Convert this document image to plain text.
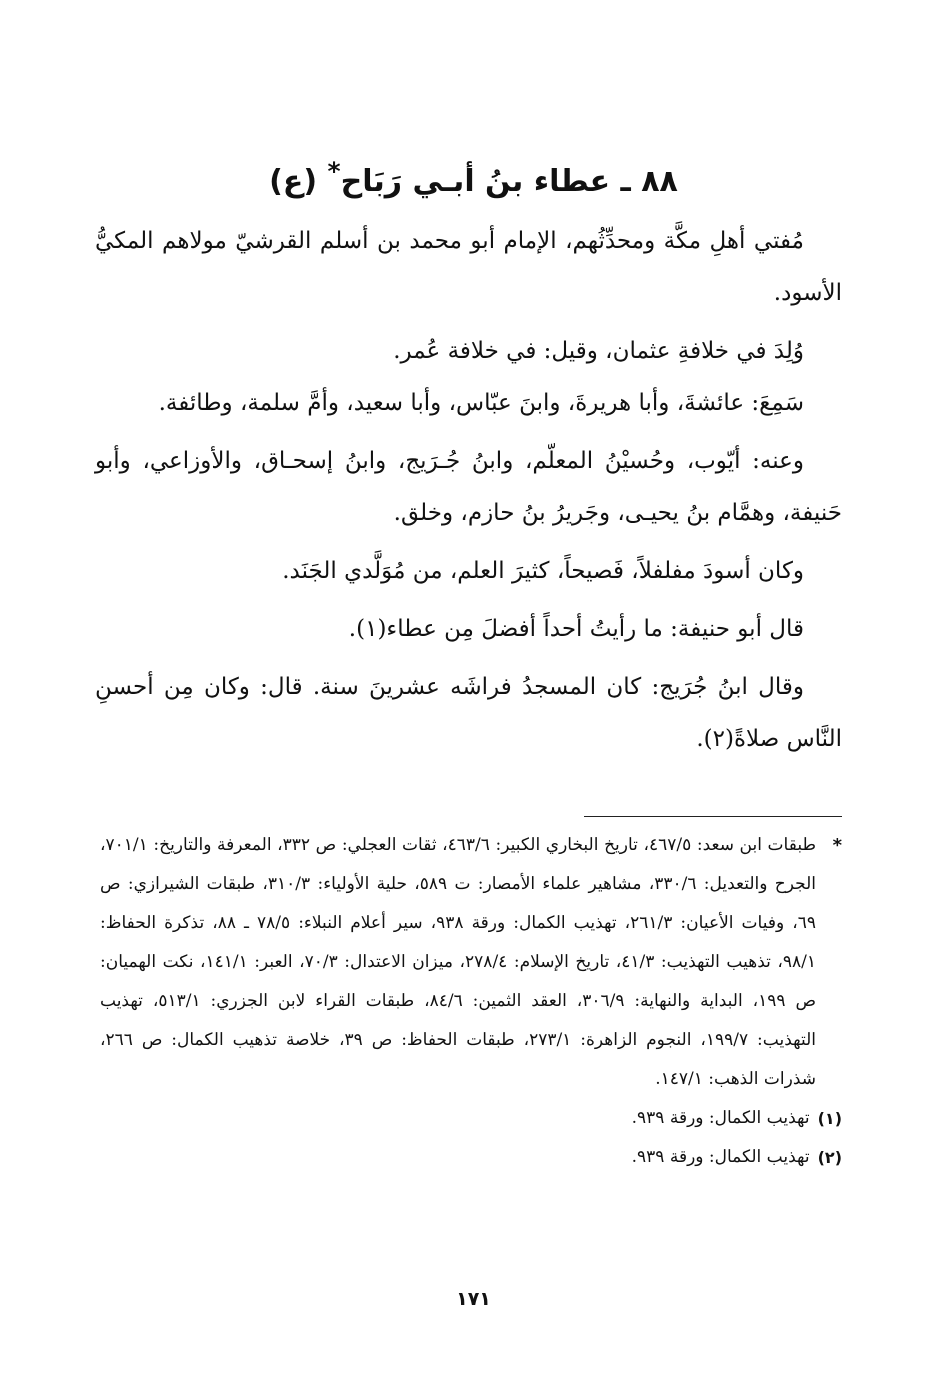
٨٨ ـ عطاء بنُ أبـي رَبَاح* (ع)

مُفتي أهلِ مكَّة ومحدِّثُهم، الإمام أبو محمد بن أسلم القرشيّ مولاهم المكيُّ الأسود.

وُلِدَ في خلافةِ عثمان، وقيل: في خلافة عُمر.

سَمِعَ: عائشةَ، وأبا هريرةَ، وابنَ عبّاس، وأبا سعيد، وأمَّ سلمة، وطائفة.

وعنه: أيّوب، وحُسيْنُ المعلّم، وابنُ جُـرَيج، وابنُ إسحـاق، والأوزاعي، وأبو حَنيفة، وهمَّام بنُ يحيـى، وجَريرُ بنُ حازم، وخلق.

وكان أسودَ مفلفلاً، فَصيحاً، كثيرَ العلم، من مُوَلَّدي الجَنَد.

قال أبو حنيفة: ما رأيتُ أحداً أفضلَ مِن عطاء(١).

وقال ابنُ جُرَيج: كان المسجدُ فراشَه عشرينَ سنة. قال: وكان مِن أحسنِ النَّاس صلاةً(٢).

*
طبقات ابن سعد: ٤٦٧/٥، تاريخ البخاري الكبير: ٤٦٣/٦، ثقات العجلي: ص ٣٣٢، المعرفة والتاريخ: ٧٠١/١، الجرح والتعديل: ٣٣٠/٦، مشاهير علماء الأمصار: ت ٥٨٩، حلية الأولياء: ٣١٠/٣، طبقات الشيرازي: ص ٦٩، وفيات الأعيان: ٢٦١/٣، تهذيب الكمال: ورقة ٩٣٨، سير أعلام النبلاء: ٧٨/٥ ـ ٨٨، تذكرة الحفاظ: ٩٨/١، تذهيب التهذيب: ٤١/٣، تاريخ الإسلام: ٢٧٨/٤، ميزان الاعتدال: ٧٠/٣، العبر: ١٤١/١، نكت الهميان: ص ١٩٩، البداية والنهاية: ٣٠٦/٩، العقد الثمين: ٨٤/٦، طبقات القراء لابن الجزري: ٥١٣/١، تهذيب التهذيب: ١٩٩/٧، النجوم الزاهرة: ٢٧٣/١، طبقات الحفاظ: ص ٣٩، خلاصة تذهيب الكمال: ص ٢٦٦، شذرات الذهب: ١٤٧/١.
(١)
تهذيب الكمال: ورقة ٩٣٩.
(٢)
تهذيب الكمال: ورقة ٩٣٩.
١٧١
